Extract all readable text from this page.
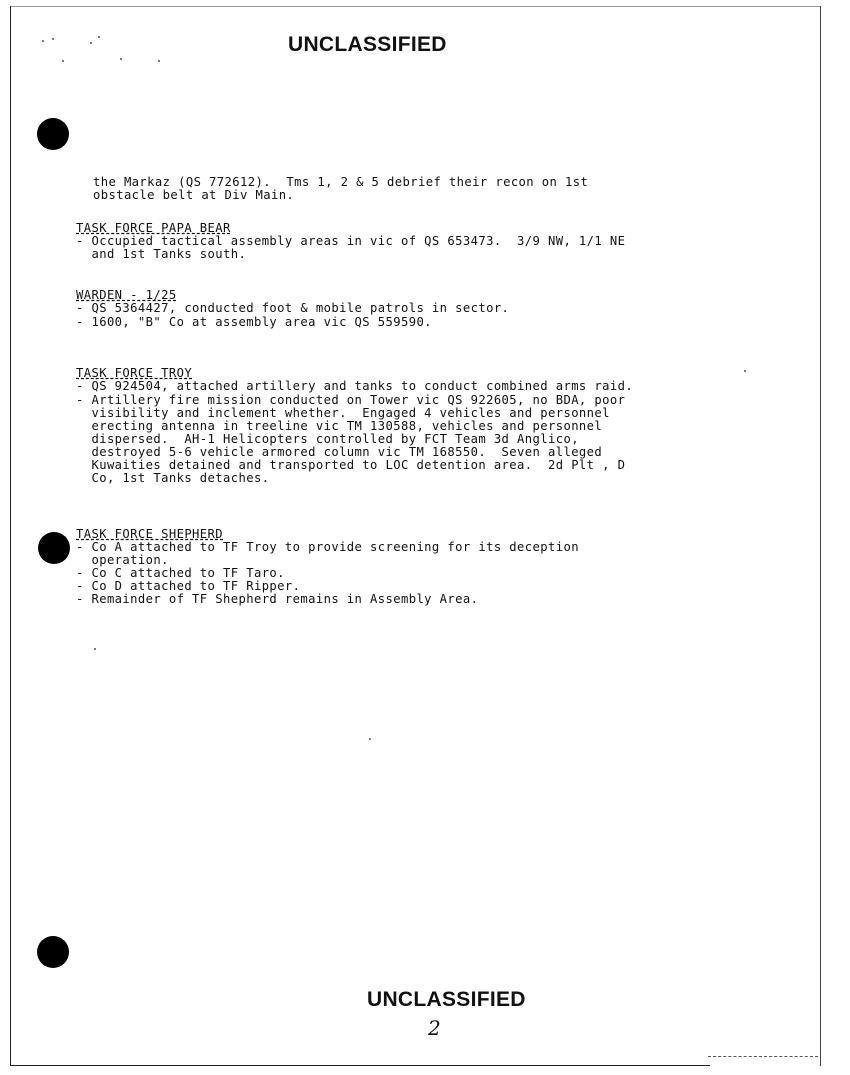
UNCLASSIFIED
the Markaz (QS 772612).  Tms 1, 2 & 5 debrief their recon on 1st
obstacle belt at Div Main.
TASK FORCE PAPA BEAR
- Occupied tactical assembly areas in vic of QS 653473.  3/9 NW, 1/1 NE
and 1st Tanks south.
WARDEN - 1/25
- QS 5364427, conducted foot & mobile patrols in sector.
- 1600, "B" Co at assembly area vic QS 559590.
TASK FORCE TROY
- QS 924504, attached artillery and tanks to conduct combined arms raid.
- Artillery fire mission conducted on Tower vic QS 922605, no BDA, poor
visibility and inclement whether.  Engaged 4 vehicles and personnel
erecting antenna in treeline vic TM 130588, vehicles and personnel
dispersed.  AH-1 Helicopters controlled by FCT Team 3d Anglico,
destroyed 5-6 vehicle armored column vic TM 168550.  Seven alleged
Kuwaities detained and transported to LOC detention area.  2d Plt , D
Co, 1st Tanks detaches.
TASK FORCE SHEPHERD
- Co A attached to TF Troy to provide screening for its deception
operation.
- Co C attached to TF Taro.
- Co D attached to TF Ripper.
- Remainder of TF Shepherd remains in Assembly Area.
UNCLASSIFIED
2
